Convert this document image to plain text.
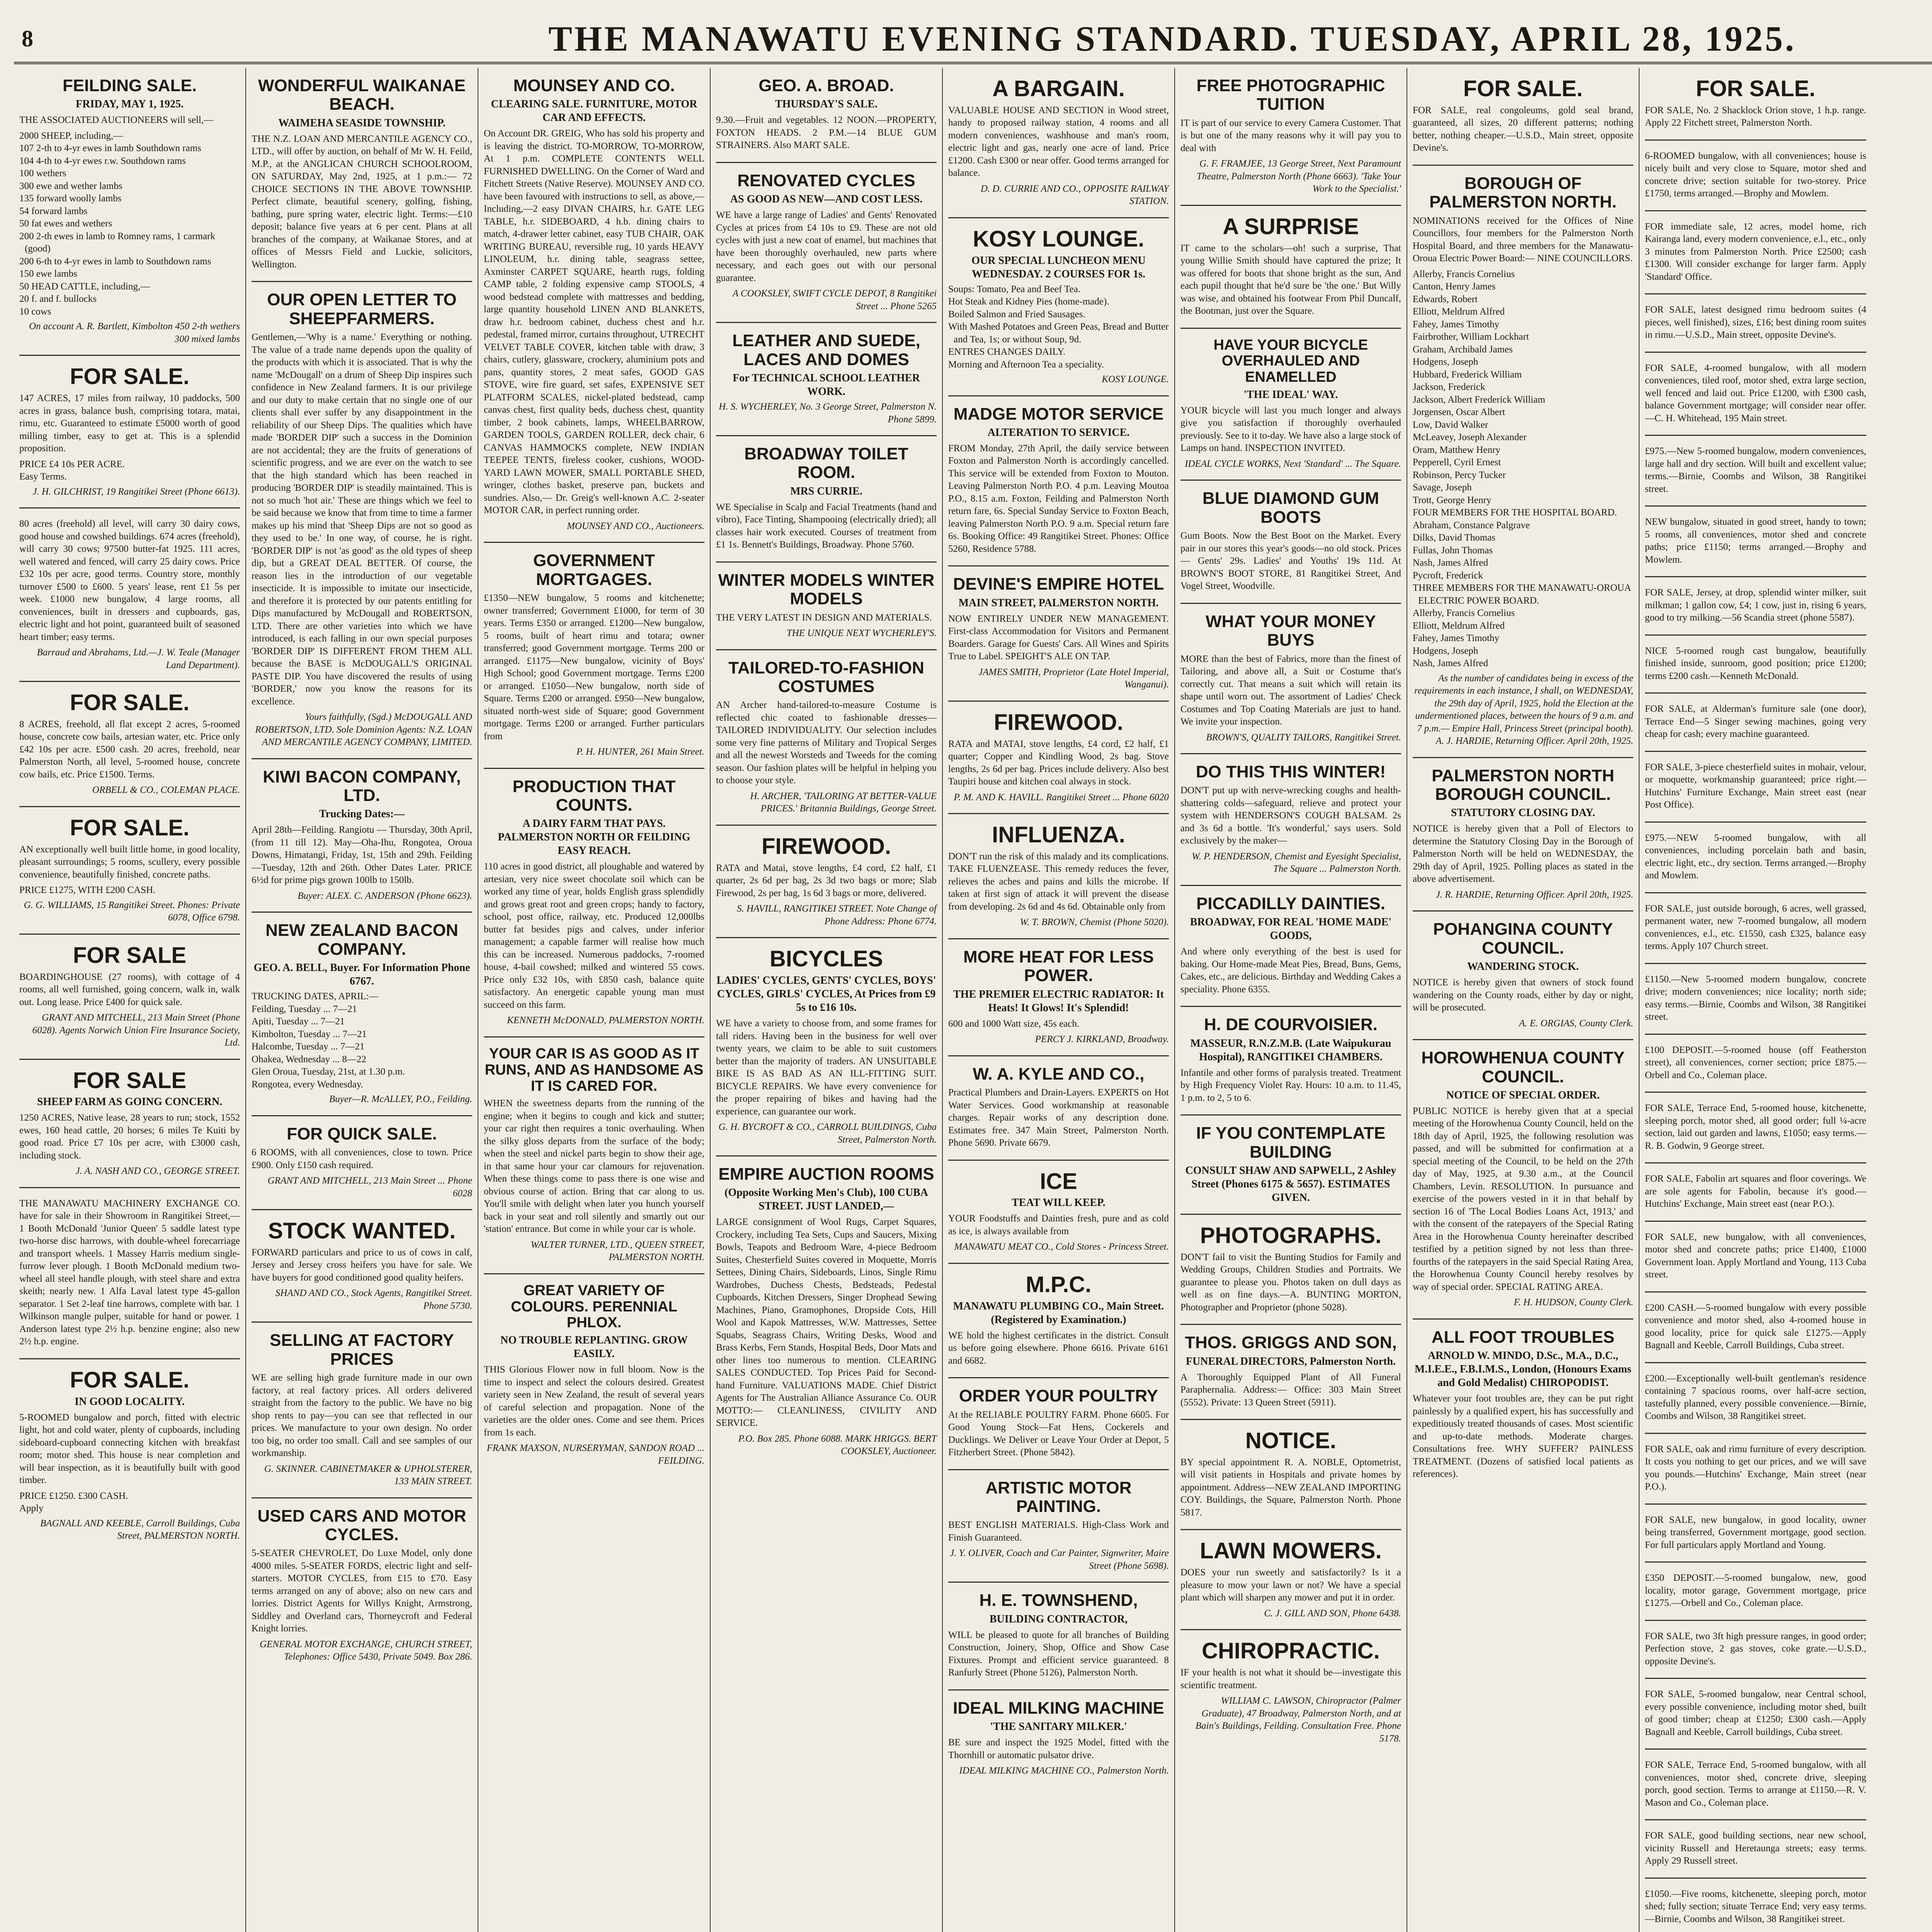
8	THE MANAWATU EVENING STANDARD. TUESDAY, APRIL 28, 1925.
FEILDING SALE.
FRIDAY, MAY 1, 1925.

THE ASSOCIATED AUCTIONEERS will sell,—

2000 SHEEP, including,—

107 2-th to 4-yr ewes in lamb Southdown rams

104 4-th to 4-yr ewes r.w. Southdown rams

100 wethers

300 ewe and wether lambs

135 forward woolly lambs

54 forward lambs

50 fat ewes and wethers

200 2-th ewes in lamb to Romney rams, 1 carmark (good)

200 6-th to 4-yr ewes in lamb to Southdown rams

150 ewe lambs

50 HEAD CATTLE, including,—

20 f. and f. bullocks

10 cows

On account A. R. Bartlett, Kimbolton 450 2-th wethers 300 mixed lambs

FOR SALE.

147 ACRES, 17 miles from railway, 10 paddocks, 500 acres in grass, balance bush, comprising totara, matai, rimu, etc. Guaranteed to estimate £5000 worth of good milling timber, easy to get at. This is a splendid proposition.

PRICE £4 10s PER ACRE.

Easy Terms.

J. H. GILCHRIST, 19 Rangitikei Street (Phone 6613).

80 acres (freehold) all level, will carry 30 dairy cows, good house and cowshed buildings. 674 acres (freehold), will carry 30 cows; 97500 butter-fat 1925. 111 acres, well watered and fenced, will carry 25 dairy cows. Price £32 10s per acre, good terms. Country store, monthly turnover £500 to £600. 5 years' lease, rent £1 5s per week. £1000 new bungalow, 4 large rooms, all conveniences, built in dressers and cupboards, gas, electric light and hot point, guaranteed built of seasoned heart timber; easy terms.

Barraud and Abrahams, Ltd.—J. W. Teale (Manager Land Department).

FOR SALE.

8 ACRES, freehold, all flat except 2 acres, 5-roomed house, concrete cow bails, artesian water, etc. Price only £42 10s per acre. £500 cash. 20 acres, freehold, near Palmerston North, all level, 5-roomed house, concrete cow bails, etc. Price £1500. Terms.

ORBELL & CO., COLEMAN PLACE.

FOR SALE.

AN exceptionally well built little home, in good locality, pleasant surroundings; 5 rooms, scullery, every possible convenience, beautifully finished, concrete paths.

PRICE £1275, WITH £200 CASH.

G. G. WILLIAMS, 15 Rangitikei Street. Phones: Private 6078, Office 6798.

FOR SALE

BOARDINGHOUSE (27 rooms), with cottage of 4 rooms, all well furnished, going concern, walk in, walk out. Long lease. Price £400 for quick sale.

GRANT AND MITCHELL, 213 Main Street (Phone 6028). Agents Norwich Union Fire Insurance Society, Ltd.

FOR SALE
SHEEP FARM AS GOING CONCERN.

1250 ACRES, Native lease, 28 years to run; stock, 1552 ewes, 160 head cattle, 20 horses; 6 miles Te Kuiti by good road. Price £7 10s per acre, with £3000 cash, including stock.

J. A. NASH AND CO., GEORGE STREET.

THE MANAWATU MACHINERY EXCHANGE CO. have for sale in their Showroom in Rangitikei Street,— 1 Booth McDonald 'Junior Queen' 5 saddle latest type two-horse disc harrows, with double-wheel forecarriage and transport wheels. 1 Massey Harris medium single-furrow lever plough. 1 Booth McDonald medium two-wheel all steel handle plough, with steel share and extra skeith; nearly new. 1 Alfa Laval latest type 45-gallon separator. 1 Set 2-leaf tine harrows, complete with bar. 1 Wilkinson mangle pulper, suitable for hand or power. 1 Anderson latest type 2½ h.p. benzine engine; also new 2½ h.p. engine.

FOR SALE.
IN GOOD LOCALITY.

5-ROOMED bungalow and porch, fitted with electric light, hot and cold water, plenty of cupboards, including sideboard-cupboard connecting kitchen with breakfast room; motor shed. This house is near completion and will bear inspection, as it is beautifully built with good timber.

PRICE £1250. £300 CASH.

Apply

BAGNALL AND KEEBLE, Carroll Buildings, Cuba Street, PALMERSTON NORTH.

WONDERFUL WAIKANAE BEACH.
WAIMEHA SEASIDE TOWNSHIP.

THE N.Z. LOAN AND MERCANTILE AGENCY CO., LTD., will offer by auction, on behalf of Mr W. H. Feild, M.P., at the ANGLICAN CHURCH SCHOOLROOM, ON SATURDAY, May 2nd, 1925, at 1 p.m.:— 72 CHOICE SECTIONS IN THE ABOVE TOWNSHIP. Perfect climate, beautiful scenery, golfing, fishing, bathing, pure spring water, electric light. Terms:—£10 deposit; balance five years at 6 per cent. Plans at all branches of the company, at Waikanae Stores, and at offices of Messrs Field and Luckie, solicitors, Wellington.

OUR OPEN LETTER TO SHEEPFARMERS.

Gentlemen,—'Why is a name.' Everything or nothing. The value of a trade name depends upon the quality of the products with which it is associated. That is why the name 'McDougall' on a drum of Sheep Dip inspires such confidence in New Zealand farmers. It is our privilege and our duty to make certain that no single one of our clients shall ever suffer by any disappointment in the reliability of our Sheep Dips. The qualities which have made 'BORDER DIP' such a success in the Dominion are not accidental; they are the fruits of generations of scientific progress, and we are ever on the watch to see that the high standard which has been reached in producing 'BORDER DIP' is steadily maintained. This is not so much 'hot air.' These are things which we feel to be said because we know that from time to time a farmer makes up his mind that 'Sheep Dips are not so good as they used to be.' In one way, of course, he is right. 'BORDER DIP' is not 'as good' as the old types of sheep dip, but a GREAT DEAL BETTER. Of course, the reason lies in the introduction of our vegetable insecticide. It is impossible to imitate our insecticide, and therefore it is protected by our patents entitling for Dips manufactured by McDougall and ROBERTSON, LTD. There are other varieties into which we have introduced, is each falling in our own special purposes 'BORDER DIP' IS DIFFERENT FROM THEM ALL because the BASE is McDOUGALL'S ORIGINAL PASTE DIP. You have discovered the results of using 'BORDER,' now you know the reasons for its excellence.

Yours faithfully, (Sgd.) McDOUGALL AND ROBERTSON, LTD. Sole Dominion Agents: N.Z. LOAN AND MERCANTILE AGENCY COMPANY, LIMITED.

KIWI BACON COMPANY, LTD.
Trucking Dates:—

April 28th—Feilding. Rangiotu — Thursday, 30th April, (from 11 till 12). May—Oha-Ihu, Rongotea, Oroua Downs, Himatangi, Friday, 1st, 15th and 29th. Feilding—Tuesday, 12th and 26th. Other Dates Later. PRICE 6½d for prime pigs grown 100lb to 150lb.

Buyer: ALEX. C. ANDERSON (Phone 6623).

NEW ZEALAND BACON COMPANY.
GEO. A. BELL, Buyer. For Information Phone 6767.

TRUCKING DATES, APRIL:—

Feilding, Tuesday ... 7—21

Apiti, Tuesday ... 7—21

Kimbolton, Tuesday ... 7—21

Halcombe, Tuesday ... 7—21

Ohakea, Wednesday ... 8—22

Glen Oroua, Tuesday, 21st, at 1.30 p.m.

Rongotea, every Wednesday.

Buyer—R. McALLEY, P.O., Feilding.

FOR QUICK SALE.

6 ROOMS, with all conveniences, close to town. Price £900. Only £150 cash required.

GRANT AND MITCHELL, 213 Main Street ... Phone 6028

STOCK WANTED.

FORWARD particulars and price to us of cows in calf, Jersey and Jersey cross heifers you have for sale. We have buyers for good conditioned good quality heifers.

SHAND AND CO., Stock Agents, Rangitikei Street. Phone 5730.

SELLING AT FACTORY PRICES

WE are selling high grade furniture made in our own factory, at real factory prices. All orders delivered straight from the factory to the public. We have no big shop rents to pay—you can see that reflected in our prices. We manufacture to your own design. No order too big, no order too small. Call and see samples of our workmanship.

G. SKINNER. CABINETMAKER & UPHOLSTERER, 133 MAIN STREET.

USED CARS AND MOTOR CYCLES.

5-SEATER CHEVROLET, Do Luxe Model, only done 4000 miles. 5-SEATER FORDS, electric light and self-starters. MOTOR CYCLES, from £15 to £70. Easy terms arranged on any of above; also on new cars and lorries. District Agents for Willys Knight, Armstrong, Siddley and Overland cars, Thorneycroft and Federal Knight lorries.

GENERAL MOTOR EXCHANGE, CHURCH STREET, Telephones: Office 5430, Private 5049. Box 286.

MOUNSEY AND CO.
CLEARING SALE. FURNITURE, MOTOR CAR AND EFFECTS.

On Account DR. GREIG, Who has sold his property and is leaving the district. TO-MORROW, TO-MORROW, At 1 p.m. COMPLETE CONTENTS WELL FURNISHED DWELLING. On the Corner of Ward and Fitchett Streets (Native Reserve). MOUNSEY AND CO. have been favoured with instructions to sell, as above,— Including,—2 easy DIVAN CHAIRS, h.r. GATE LEG TABLE, h.r. SIDEBOARD, 4 h.b. dining chairs to match, 4-drawer letter cabinet, easy TUB CHAIR, OAK WRITING BUREAU, reversible rug, 10 yards HEAVY LINOLEUM, h.r. dining table, seagrass settee, Axminster CARPET SQUARE, hearth rugs, folding CAMP table, 2 folding expensive camp STOOLS, 4 wood bedstead complete with mattresses and bedding, large quantity household LINEN AND BLANKETS, draw h.r. bedroom cabinet, duchess chest and h.r. pedestal, framed mirror, curtains throughout, UTRECHT VELVET TABLE COVER, kitchen table with draw, 3 chairs, cutlery, glassware, crockery, aluminium pots and pans, quantity stores, 2 meat safes, GOOD GAS STOVE, wire fire guard, set safes, EXPENSIVE SET PLATFORM SCALES, nickel-plated bedstead, camp canvas chest, first quality beds, duchess chest, quantity timber, 2 book cabinets, lamps, WHEELBARROW, GARDEN TOOLS, GARDEN ROLLER, deck chair, 6 CANVAS HAMMOCKS complete, NEW INDIAN TEEPEE TENTS, fireless cooker, cushions, WOOD-YARD LAWN MOWER, SMALL PORTABLE SHED, wringer, clothes basket, preserve pan, buckets and sundries. Also,— Dr. Greig's well-known A.C. 2-seater MOTOR CAR, in perfect running order.

MOUNSEY AND CO., Auctioneers.

GOVERNMENT MORTGAGES.

£1350—NEW bungalow, 5 rooms and kitchenette; owner transferred; Government £1000, for term of 30 years. Terms £350 or arranged. £1200—New bungalow, 5 rooms, built of heart rimu and totara; owner transferred; good Government mortgage. Terms 200 or arranged. £1175—New bungalow, vicinity of Boys' High School; good Government mortgage. Terms £200 or arranged. £1050—New bungalow, north side of Square. Terms £200 or arranged. £950—New bungalow, situated north-west side of Square; good Government mortgage. Terms £200 or arranged. Further particulars from

P. H. HUNTER, 261 Main Street.

PRODUCTION THAT COUNTS.
A DAIRY FARM THAT PAYS. PALMERSTON NORTH OR FEILDING EASY REACH.

110 acres in good district, all ploughable and watered by artesian, very nice sweet chocolate soil which can be worked any time of year, holds English grass splendidly and grows great root and green crops; handy to factory, school, post office, railway, etc. Produced 12,000lbs butter fat besides pigs and calves, under inferior management; a capable farmer will realise how much this can be increased. Numerous paddocks, 7-roomed house, 4-bail cowshed; milked and wintered 55 cows. Price only £32 10s, with £850 cash, balance quite satisfactory. An energetic capable young man must succeed on this farm.

KENNETH McDONALD, PALMERSTON NORTH.

YOUR CAR IS AS GOOD AS IT RUNS, AND AS HANDSOME AS IT IS CARED FOR.

WHEN the sweetness departs from the running of the engine; when it begins to cough and kick and stutter; your car right then requires a tonic overhauling. When the silky gloss departs from the surface of the body; when the steel and nickel parts begin to show their age, in that same hour your car clamours for rejuvenation. When these things come to pass there is one wise and obvious course of action. Bring that car along to us. You'll smile with delight when later you hunch yourself back in your seat and roll silently and smartly out our 'station' entrance. But come in while your car is whole.

WALTER TURNER, LTD., QUEEN STREET, PALMERSTON NORTH.

GREAT VARIETY OF COLOURS. PERENNIAL PHLOX.
NO TROUBLE REPLANTING. GROW EASILY.

THIS Glorious Flower now in full bloom. Now is the time to inspect and select the colours desired. Greatest variety seen in New Zealand, the result of several years of careful selection and propagation. None of the varieties are the older ones. Come and see them. Prices from 1s each.

FRANK MAXSON, NURSERYMAN, SANDON ROAD ... FEILDING.

GEO. A. BROAD.
THURSDAY'S SALE.

9.30.—Fruit and vegetables. 12 NOON.—PROPERTY, FOXTON HEADS. 2 P.M.—14 BLUE GUM STRAINERS. Also MART SALE.

RENOVATED CYCLES
AS GOOD AS NEW—AND COST LESS.

WE have a large range of Ladies' and Gents' Renovated Cycles at prices from £4 10s to £9. These are not old cycles with just a new coat of enamel, but machines that have been thoroughly overhauled, new parts where necessary, and each goes out with our personal guarantee.

A COOKSLEY, SWIFT CYCLE DEPOT, 8 Rangitikei Street ... Phone 5265

LEATHER AND SUEDE, LACES AND DOMES
For TECHNICAL SCHOOL LEATHER WORK.

H. S. WYCHERLEY, No. 3 George Street, Palmerston N. Phone 5899.

BROADWAY TOILET ROOM.
MRS CURRIE.

WE Specialise in Scalp and Facial Treatments (hand and vibro), Face Tinting, Shampooing (electrically dried); all classes hair work executed. Courses of treatment from £1 1s. Bennett's Buildings, Broadway. Phone 5760.

WINTER MODELS WINTER MODELS

THE VERY LATEST IN DESIGN AND MATERIALS.

THE UNIQUE NEXT WYCHERLEY'S.

TAILORED-TO-FASHION COSTUMES

AN Archer hand-tailored-to-measure Costume is reflected chic coated to fashionable dresses—TAILORED INDIVIDUALITY. Our selection includes some very fine patterns of Military and Tropical Serges and all the newest Worsteds and Tweeds for the coming season. Our fashion plates will be helpful in helping you to choose your style.

H. ARCHER, 'TAILORING AT BETTER-VALUE PRICES.' Britannia Buildings, George Street.

FIREWOOD.

RATA and Matai, stove lengths, £4 cord, £2 half, £1 quarter, 2s 6d per bag, 2s 3d two bags or more; Slab Firewood, 2s per bag, 1s 6d 3 bags or more, delivered.

S. HAVILL, RANGITIKEI STREET. Note Change of Phone Address: Phone 6774.

BICYCLES
LADIES' CYCLES, GENTS' CYCLES, BOYS' CYCLES, GIRLS' CYCLES, At Prices from £9 5s to £16 10s.

WE have a variety to choose from, and some frames for tall riders. Having been in the business for well over twenty years, we claim to be able to suit customers better than the majority of traders. AN UNSUITABLE BIKE IS AS BAD AS AN ILL-FITTING SUIT. BICYCLE REPAIRS. We have every convenience for the proper repairing of bikes and having had the experience, can guarantee our work.

G. H. BYCROFT & CO., CARROLL BUILDINGS, Cuba Street, Palmerston North.

EMPIRE AUCTION ROOMS
(Opposite Working Men's Club), 100 CUBA STREET. JUST LANDED,—

LARGE consignment of Wool Rugs, Carpet Squares, Crockery, including Tea Sets, Cups and Saucers, Mixing Bowls, Teapots and Bedroom Ware, 4-piece Bedroom Suites, Chesterfield Suites covered in Moquette, Morris Settees, Dining Chairs, Sideboards, Linos, Single Rimu Wardrobes, Duchess Chests, Bedsteads, Pedestal Cupboards, Kitchen Dressers, Singer Drophead Sewing Machines, Piano, Gramophones, Dropside Cots, Hill Wool and Kapok Mattresses, W.W. Mattresses, Settee Squabs, Seagrass Chairs, Writing Desks, Wood and Brass Kerbs, Fern Stands, Hospital Beds, Door Mats and other lines too numerous to mention. CLEARING SALES CONDUCTED. Top Prices Paid for Second-hand Furniture. VALUATIONS MADE. Chief District Agents for The Australian Alliance Assurance Co. OUR MOTTO:— CLEANLINESS, CIVILITY AND SERVICE.

P.O. Box 285. Phone 6088. MARK HRIGGS. BERT COOKSLEY, Auctioneer.

A BARGAIN.

VALUABLE HOUSE AND SECTION in Wood street, handy to proposed railway station, 4 rooms and all modern conveniences, washhouse and man's room, electric light and gas, nearly one acre of land. Price £1200. Cash £300 or near offer. Good terms arranged for balance.

D. D. CURRIE AND CO., OPPOSITE RAILWAY STATION.

KOSY LOUNGE.
OUR SPECIAL LUNCHEON MENU WEDNESDAY. 2 COURSES FOR 1s.

Soups: Tomato, Pea and Beef Tea.

Hot Steak and Kidney Pies (home-made).

Boiled Salmon and Fried Sausages.

With Mashed Potatoes and Green Peas, Bread and Butter and Tea, 1s; or without Soup, 9d.

ENTRES CHANGES DAILY.

Morning and Afternoon Tea a speciality.

KOSY LOUNGE.

MADGE MOTOR SERVICE
ALTERATION TO SERVICE.

FROM Monday, 27th April, the daily service between Foxton and Palmerston North is accordingly cancelled. This service will be extended from Foxton to Mouton. Leaving Palmerston North P.O. 4 p.m. Leaving Moutoa P.O., 8.15 a.m. Foxton, Feilding and Palmerston North return fare, 6s. Special Sunday Service to Foxton Beach, leaving Palmerston North P.O. 9 a.m. Special return fare 6s. Booking Office: 49 Rangitikei Street. Phones: Office 5260, Residence 5788.

DEVINE'S EMPIRE HOTEL
MAIN STREET, PALMERSTON NORTH.

NOW ENTIRELY UNDER NEW MANAGEMENT. First-class Accommodation for Visitors and Permanent Boarders. Garage for Guests' Cars. All Wines and Spirits True to Label. SPEIGHT'S ALE ON TAP.

JAMES SMITH, Proprietor (Late Hotel Imperial, Wanganui).

FIREWOOD.

RATA and MATAI, stove lengths, £4 cord, £2 half, £1 quarter; Copper and Kindling Wood, 2s bag. Stove lengths, 2s 6d per bag. Prices include delivery. Also best Taupiri house and kitchen coal always in stock.

P. M. AND K. HAVILL. Rangitikei Street ... Phone 6020

INFLUENZA.

DON'T run the risk of this malady and its complications. TAKE FLUENZEASE. This remedy reduces the fever, relieves the aches and pains and kills the microbe. If taken at first sign of attack it will prevent the disease from developing. 2s 6d and 4s 6d. Obtainable only from

W. T. BROWN, Chemist (Phone 5020).

MORE HEAT FOR LESS POWER.
THE PREMIER ELECTRIC RADIATOR: It Heats! It Glows! It's Splendid!

600 and 1000 Watt size, 45s each.

PERCY J. KIRKLAND, Broadway.

W. A. KYLE AND CO.,

Practical Plumbers and Drain-Layers. EXPERTS on Hot Water Services. Good workmanship at reasonable charges. Repair works of any description done. Estimates free. 347 Main Street, Palmerston North. Phone 5690. Private 6679.

ICE
TEAT WILL KEEP.

YOUR Foodstuffs and Dainties fresh, pure and as cold as ice, is always available from

MANAWATU MEAT CO., Cold Stores - Princess Street.

M.P.C.
MANAWATU PLUMBING CO., Main Street. (Registered by Examination.)

WE hold the highest certificates in the district. Consult us before going elsewhere. Phone 6616. Private 6161 and 6682.

ORDER YOUR POULTRY

At the RELIABLE POULTRY FARM. Phone 6605. For Good Young Stock—Fat Hens, Cockerels and Ducklings. We Deliver or Leave Your Order at Depot, 5 Fitzherbert Street. (Phone 5842).

ARTISTIC MOTOR PAINTING.

BEST ENGLISH MATERIALS. High-Class Work and Finish Guaranteed.

J. Y. OLIVER, Coach and Car Painter, Signwriter, Maire Street (Phone 5698).

H. E. TOWNSHEND,
BUILDING CONTRACTOR,

WILL be pleased to quote for all branches of Building Construction, Joinery, Shop, Office and Show Case Fixtures. Prompt and efficient service guaranteed. 8 Ranfurly Street (Phone 5126), Palmerston North.

IDEAL MILKING MACHINE
'THE SANITARY MILKER.'

BE sure and inspect the 1925 Model, fitted with the Thornhill or automatic pulsator drive.

IDEAL MILKING MACHINE CO., Palmerston North.

FREE PHOTOGRAPHIC TUITION

IT is part of our service to every Camera Customer. That is but one of the many reasons why it will pay you to deal with

G. F. FRAMJEE, 13 George Street, Next Paramount Theatre, Palmerston North (Phone 6663). 'Take Your Work to the Specialist.'

A SURPRISE

IT came to the scholars—oh! such a surprise, That young Willie Smith should have captured the prize; It was offered for boots that shone bright as the sun, And each pupil thought that he'd sure be 'the one.' But Willy was wise, and obtained his footwear From Phil Duncalf, the Bootman, just over the Square.

HAVE YOUR BICYCLE OVERHAULED AND ENAMELLED
'THE IDEAL' WAY.

YOUR bicycle will last you much longer and always give you satisfaction if thoroughly overhauled previously. See to it to-day. We have also a large stock of Lamps on hand. INSPECTION INVITED.

IDEAL CYCLE WORKS, Next 'Standard' ... The Square.

BLUE DIAMOND GUM BOOTS

Gum Boots. Now the Best Boot on the Market. Every pair in our stores this year's goods—no old stock. Prices— Gents' 29s. Ladies' and Youths' 19s 11d. At BROWN'S BOOT STORE, 81 Rangitikei Street, And Vogel Street, Woodville.

WHAT YOUR MONEY BUYS

MORE than the best of Fabrics, more than the finest of Tailoring, and above all, a Suit or Costume that's correctly cut. That means a suit which will retain its shape until worn out. The assortment of Ladies' Check Costumes and Top Coating Materials are just to hand. We invite your inspection.

BROWN'S, QUALITY TAILORS, Rangitikei Street.

DO THIS THIS WINTER!

DON'T put up with nerve-wrecking coughs and health-shattering colds—safeguard, relieve and protect your system with HENDERSON'S COUGH BALSAM. 2s and 3s 6d a bottle. 'It's wonderful,' says users. Sold exclusively by the maker—

W. P. HENDERSON, Chemist and Eyesight Specialist, The Square ... Palmerston North.

PICCADILLY DAINTIES.
BROADWAY, FOR REAL 'HOME MADE' GOODS,

And where only everything of the best is used for baking. Our Home-made Meat Pies, Bread, Buns, Gems, Cakes, etc., are delicious. Birthday and Wedding Cakes a speciality. Phone 6355.

H. DE COURVOISIER.
MASSEUR, R.N.Z.M.B. (Late Waipukurau Hospital), RANGITIKEI CHAMBERS.

Infantile and other forms of paralysis treated. Treatment by High Frequency Violet Ray. Hours: 10 a.m. to 11.45, 1 p.m. to 2, 5 to 6.

IF YOU CONTEMPLATE BUILDING
CONSULT SHAW AND SAPWELL, 2 Ashley Street (Phones 6175 & 5657). ESTIMATES GIVEN.
PHOTOGRAPHS.

DON'T fail to visit the Bunting Studios for Family and Wedding Groups, Children Studies and Portraits. We guarantee to please you. Photos taken on dull days as well as on fine days.—A. BUNTING MORTON, Photographer and Proprietor (phone 5028).

THOS. GRIGGS AND SON,
FUNERAL DIRECTORS, Palmerston North.

A Thoroughly Equipped Plant of All Funeral Paraphernalia. Address:— Office: 303 Main Street (5552). Private: 13 Queen Street (5911).

NOTICE.

BY special appointment R. A. NOBLE, Optometrist, will visit patients in Hospitals and private homes by appointment. Address—NEW ZEALAND IMPORTING COY. Buildings, the Square, Palmerston North. Phone 5817.

LAWN MOWERS.

DOES your run sweetly and satisfactorily? Is it a pleasure to mow your lawn or not? We have a special plant which will sharpen any mower and put it in order.

C. J. GILL AND SON, Phone 6438.

CHIROPRACTIC.

IF your health is not what it should be—investigate this scientific treatment.

WILLIAM C. LAWSON, Chiropractor (Palmer Graduate), 47 Broadway, Palmerston North, and at Bain's Buildings, Feilding. Consultation Free. Phone 5178.

FOR SALE.

FOR SALE, real congoleums, gold seal brand, guaranteed, all sizes, 20 different patterns; nothing better, nothing cheaper.—U.S.D., Main street, opposite Devine's.

BOROUGH OF PALMERSTON NORTH.

NOMINATIONS received for the Offices of Nine Councillors, four members for the Palmerston North Hospital Board, and three members for the Manawatu-Oroua Electric Power Board:— NINE COUNCILLORS.

Allerby, Francis Cornelius

Canton, Henry James

Edwards, Robert

Elliott, Meldrum Alfred

Fahey, James Timothy

Fairbrother, William Lockhart

Graham, Archibald James

Hodgens, Joseph

Hubbard, Frederick William

Jackson, Frederick

Jackson, Albert Frederick William

Jorgensen, Oscar Albert

Low, David Walker

McLeavey, Joseph Alexander

Oram, Matthew Henry

Pepperell, Cyril Ernest

Robinson, Percy Tucker

Savage, Joseph

Trott, George Henry

FOUR MEMBERS FOR THE HOSPITAL BOARD.

Abraham, Constance Palgrave

Dilks, David Thomas

Fullas, John Thomas

Nash, James Alfred

Pycroft, Frederick

THREE MEMBERS FOR THE MANAWATU-OROUA ELECTRIC POWER BOARD.

Allerby, Francis Cornelius

Elliott, Meldrum Alfred

Fahey, James Timothy

Hodgens, Joseph

Nash, James Alfred

As the number of candidates being in excess of the requirements in each instance, I shall, on WEDNESDAY, the 29th day of April, 1925, hold the Election at the undermentioned places, between the hours of 9 a.m. and 7 p.m.— Empire Hall, Princess Street (principal booth). A. J. HARDIE, Returning Officer. April 20th, 1925.

PALMERSTON NORTH BOROUGH COUNCIL.
STATUTORY CLOSING DAY.

NOTICE is hereby given that a Poll of Electors to determine the Statutory Closing Day in the Borough of Palmerston North will be held on WEDNESDAY, the 29th day of April, 1925. Polling places as stated in the above advertisement.

J. R. HARDIE, Returning Officer. April 20th, 1925.

POHANGINA COUNTY COUNCIL.
WANDERING STOCK.

NOTICE is hereby given that owners of stock found wandering on the County roads, either by day or night, will be prosecuted.

A. E. ORGIAS, County Clerk.

HOROWHENUA COUNTY COUNCIL.
NOTICE OF SPECIAL ORDER.

PUBLIC NOTICE is hereby given that at a special meeting of the Horowhenua County Council, held on the 18th day of April, 1925, the following resolution was passed, and will be submitted for confirmation at a special meeting of the Council, to be held on the 27th day of May, 1925, at 9.30 a.m., at the Council Chambers, Levin. RESOLUTION. In pursuance and exercise of the powers vested in it in that behalf by section 16 of 'The Local Bodies Loans Act, 1913,' and with the consent of the ratepayers of the Special Rating Area in the Horowhenua County hereinafter described testified by a petition signed by not less than three-fourths of the ratepayers in the said Special Rating Area, the Horowhenua County Council hereby resolves by way of special order. SPECIAL RATING AREA.

F. H. HUDSON, County Clerk.

ALL FOOT TROUBLES
ARNOLD W. MINDO, D.Sc., M.A., D.C., M.I.E.E., F.B.I.M.S., London, (Honours Exams and Gold Medalist) CHIROPODIST.

Whatever your foot troubles are, they can be put right painlessly by a qualified expert, his has successfully and expeditiously treated thousands of cases. Most scientific and up-to-date methods. Moderate charges. Consultations free. WHY SUFFER? PAINLESS TREATMENT. (Dozens of satisfied local patients as references).

FOR SALE.

FOR SALE, No. 2 Shacklock Orion stove, 1 h.p. range. Apply 22 Fitchett street, Palmerston North.

6-ROOMED bungalow, with all conveniences; house is nicely built and very close to Square, motor shed and concrete drive; section suitable for two-storey. Price £1750, terms arranged.—Brophy and Mowlem.

FOR immediate sale, 12 acres, model home, rich Kairanga land, every modern convenience, e.l., etc., only 3 minutes from Palmerston North. Price £2500; cash £1300. Will consider exchange for larger farm. Apply 'Standard' Office.

FOR SALE, latest designed rimu bedroom suites (4 pieces, well finished), sizes, £16; best dining room suites in rimu.—U.S.D., Main street, opposite Devine's.

FOR SALE, 4-roomed bungalow, with all modern conveniences, tiled roof, motor shed, extra large section, well fenced and laid out. Price £1200, with £300 cash, balance Government mortgage; will consider near offer.—C. H. Whitehead, 195 Main street.

£975.—New 5-roomed bungalow, modern conveniences, large hall and dry section. Will built and excellent value; terms.—Birnie, Coombs and Wilson, 38 Rangitikei street.

NEW bungalow, situated in good street, handy to town; 5 rooms, all conveniences, motor shed and concrete paths; price £1150; terms arranged.—Brophy and Mowlem.

FOR SALE, Jersey, at drop, splendid winter milker, suit milkman; 1 gallon cow, £4; 1 cow, just in, rising 6 years, good to try milking.—56 Scandia street (phone 5587).

NICE 5-roomed rough cast bungalow, beautifully finished inside, sunroom, good position; price £1200; terms £200 cash.—Kenneth McDonald.

FOR SALE, at Alderman's furniture sale (one door), Terrace End—5 Singer sewing machines, going very cheap for cash; every machine guaranteed.

FOR SALE, 3-piece chesterfield suites in mohair, velour, or moquette, workmanship guaranteed; price right.—Hutchins' Furniture Exchange, Main street east (near Post Office).

£975.—NEW 5-roomed bungalow, with all conveniences, including porcelain bath and basin, electric light, etc., dry section. Terms arranged.—Brophy and Mowlem.

FOR SALE, just outside borough, 6 acres, well grassed, permanent water, new 7-roomed bungalow, all modern conveniences, e.l., etc. £1550, cash £325, balance easy terms. Apply 107 Church street.

£1150.—New 5-roomed modern bungalow, concrete drive; modern conveniences; nice locality; north side; easy terms.—Birnie, Coombs and Wilson, 38 Rangitikei street.

£100 DEPOSIT.—5-roomed house (off Featherston street), all conveniences, corner section; price £875.—Orbell and Co., Coleman place.

FOR SALE, Terrace End, 5-roomed house, kitchenette, sleeping porch, motor shed, all good order; full ¼-acre section, laid out garden and lawns, £1050; easy terms.—R. B. Godwin, 9 George street.

FOR SALE, Fabolin art squares and floor coverings. We are sole agents for Fabolin, because it's good.—Hutchins' Exchange, Main street east (near P.O.).

FOR SALE, new bungalow, with all conveniences, motor shed and concrete paths; price £1400, £1000 Government loan. Apply Mortland and Young, 113 Cuba street.

£200 CASH.—5-roomed bungalow with every possible convenience and motor shed, also 4-roomed house in good locality, price for quick sale £1275.—Apply Bagnall and Keeble, Carroll Buildings, Cuba street.

£200.—Exceptionally well-built gentleman's residence containing 7 spacious rooms, over half-acre section, tastefully planned, every possible convenience.—Birnie, Coombs and Wilson, 38 Rangitikei street.

FOR SALE, oak and rimu furniture of every description. It costs you nothing to get our prices, and we will save you pounds.—Hutchins' Exchange, Main street (near P.O.).

FOR SALE, new bungalow, in good locality, owner being transferred, Government mortgage, good section. For full particulars apply Mortland and Young.

£350 DEPOSIT.—5-roomed bungalow, new, good locality, motor garage, Government mortgage, price £1275.—Orbell and Co., Coleman place.

FOR SALE, two 3ft high pressure ranges, in good order; Perfection stove, 2 gas stoves, coke grate.—U.S.D., opposite Devine's.

FOR SALE, 5-roomed bungalow, near Central school, every possible convenience, including motor shed, built of good timber; cheap at £1250; £300 cash.—Apply Bagnall and Keeble, Carroll buildings, Cuba street.

FOR SALE, Terrace End, 5-roomed bungalow, with all conveniences, motor shed, concrete drive, sleeping porch, good section. Terms to arrange at £1150.—R. V. Mason and Co., Coleman place.

FOR SALE, good building sections, near new school, vicinity Russell and Heretaunga streets; easy terms. Apply 29 Russell street.

£1050.—Five rooms, kitchenette, sleeping porch, motor shed; fully section; situate Terrace End; very easy terms.—Birnie, Coombs and Wilson, 38 Rangitikei street.
